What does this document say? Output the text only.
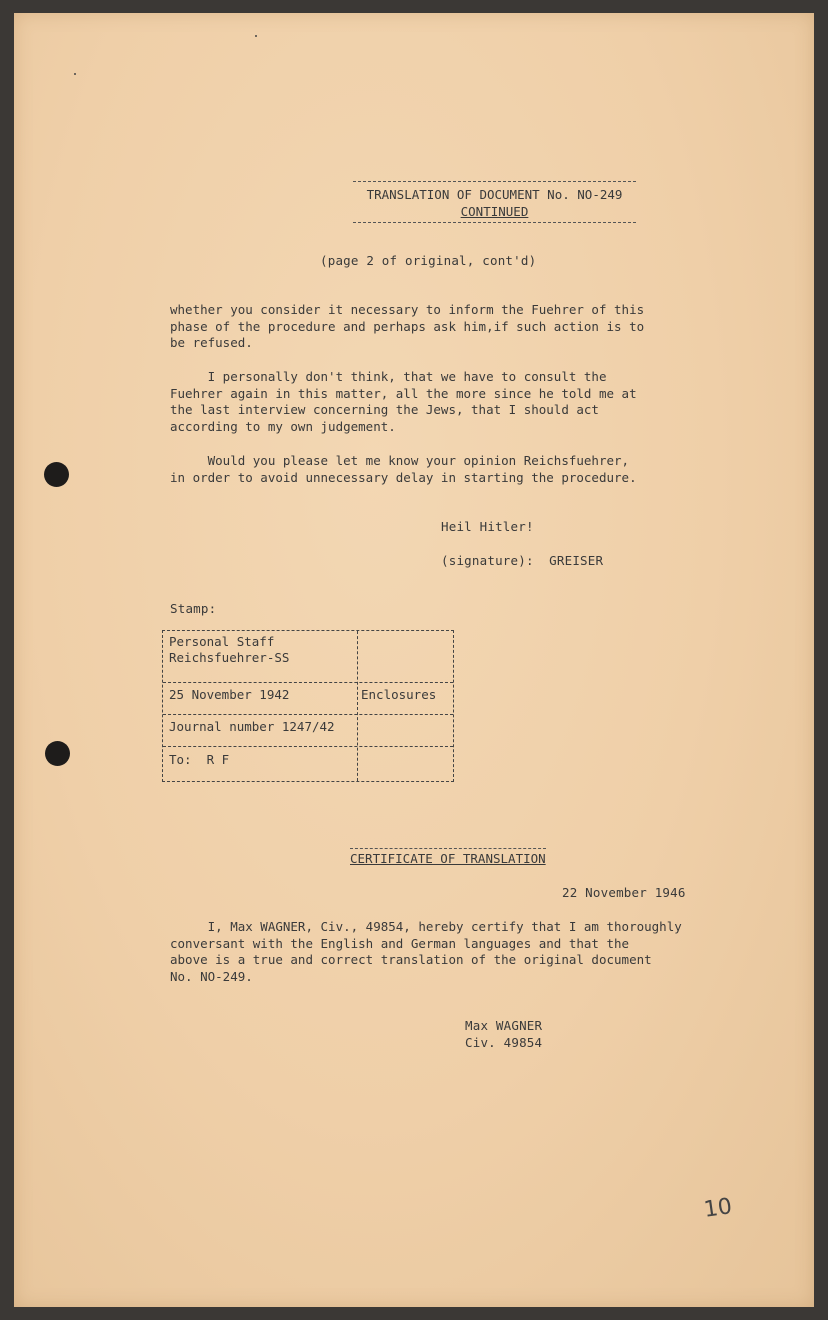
TRANSLATION OF DOCUMENT No. NO-249
CONTINUED
(page 2 of original, cont'd)
whether you consider it necessary to inform the Fuehrer of this
phase of the procedure and perhaps ask him,if such action is to
be refused.
I personally don't think, that we have to consult the
Fuehrer again in this matter, all the more since he told me at
the last interview concerning the Jews, that I should act
according to my own judgement.
Would you please let me know your opinion Reichsfuehrer,
in order to avoid unnecessary delay in starting the procedure.
Heil Hitler!
(signature):  GREISER
Stamp:
Personal Staff
Reichsfuehrer-SS
25 November 1942	Enclosures
Journal number 1247/42
To:  R F
CERTIFICATE OF TRANSLATION
22 November 1946
I, Max WAGNER, Civ., 49854, hereby certify that I am thoroughly
conversant with the English and German languages and that the
above is a true and correct translation of the original document
No. NO-249.
Max WAGNER
Civ. 49854
10
